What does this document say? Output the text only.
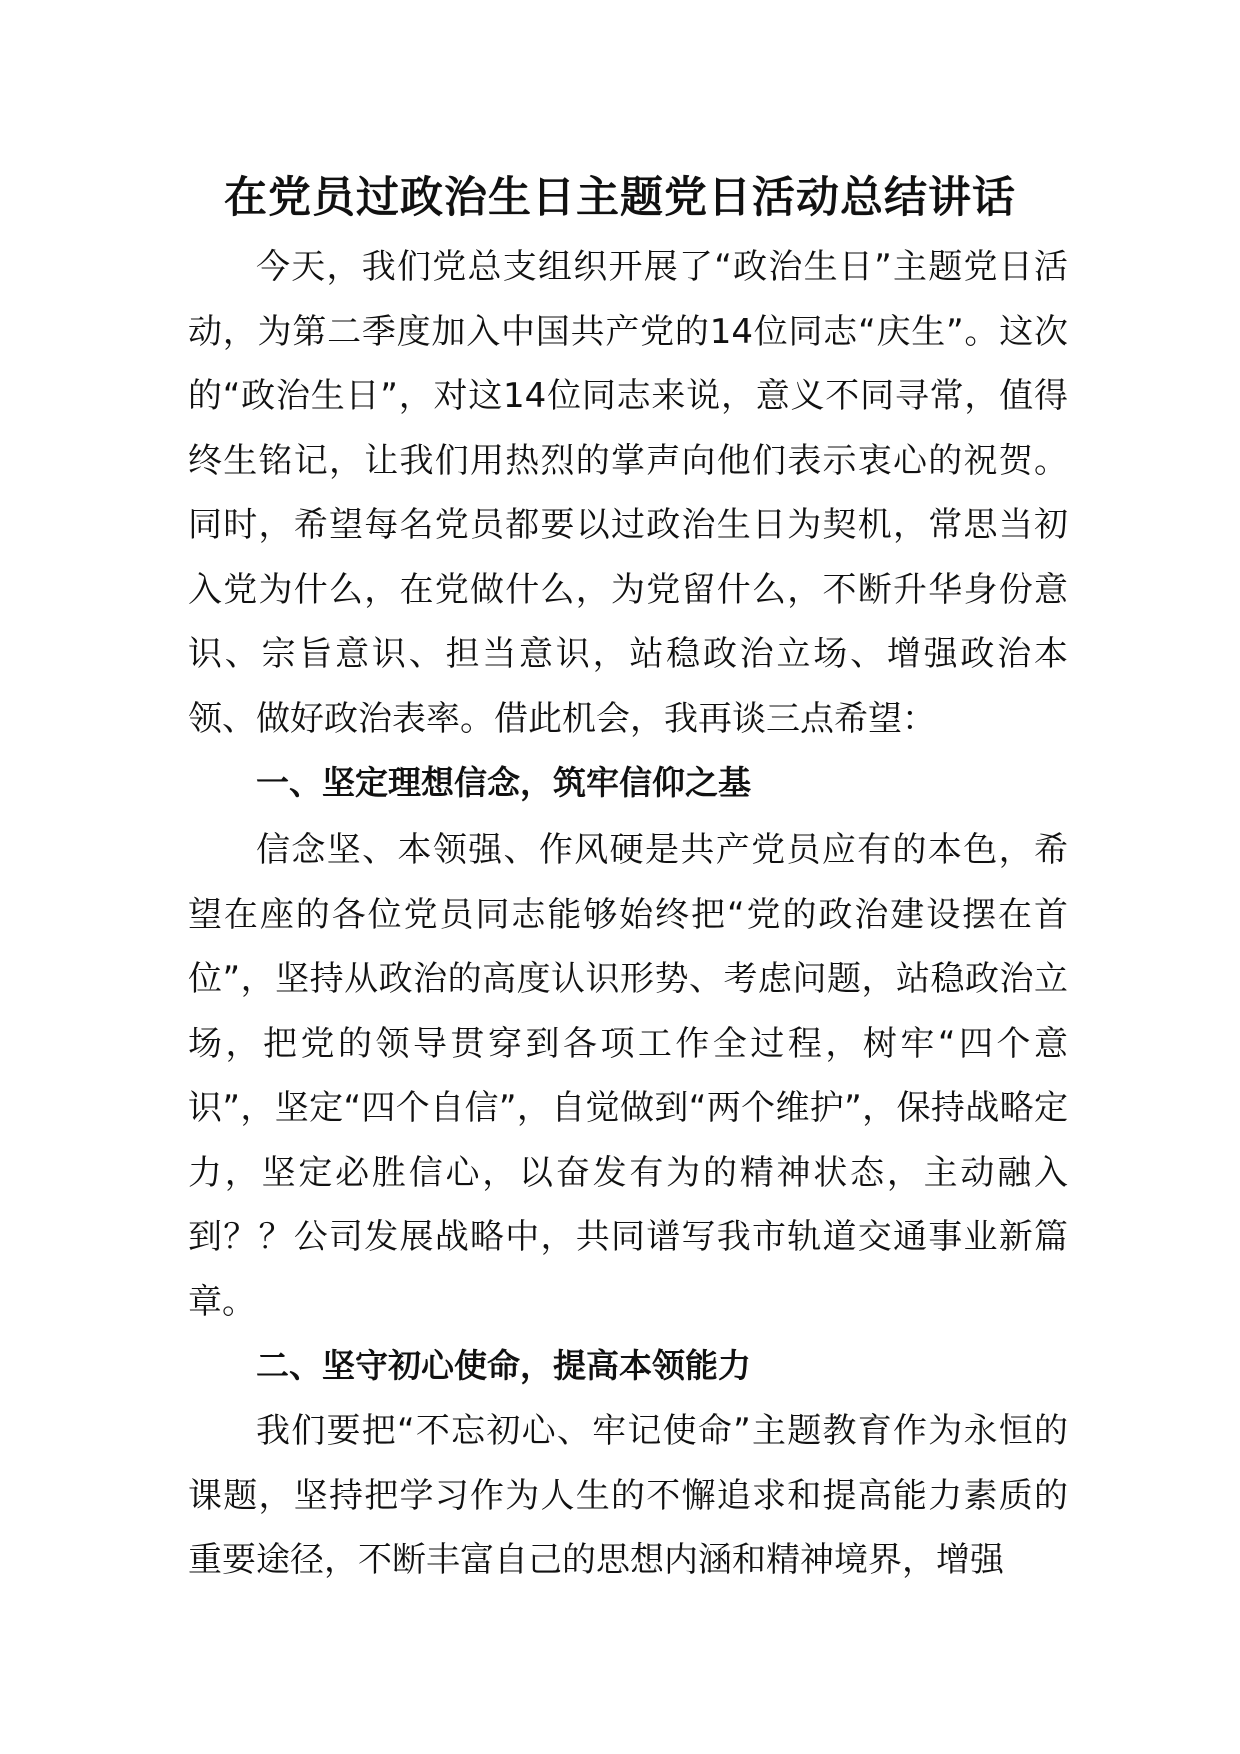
在党员过政治生日主题党日活动总结讲话

今天，我们党总支组织开展了“政治生日”主题党日活动，为第二季度加入中国共产党的14位同志“庆生”。这次的“政治生日”，对这14位同志来说，意义不同寻常，值得终生铭记，让我们用热烈的掌声向他们表示衷心的祝贺。同时，希望每名党员都要以过政治生日为契机，常思当初入党为什么，在党做什么，为党留什么，不断升华身份意识、宗旨意识、担当意识，站稳政治立场、增强政治本领、做好政治表率。借此机会，我再谈三点希望：

一、坚定理想信念，筑牢信仰之基

信念坚、本领强、作风硬是共产党员应有的本色，希望在座的各位党员同志能够始终把“党的政治建设摆在首位”，坚持从政治的高度认识形势、考虑问题，站稳政治立场，把党的领导贯穿到各项工作全过程，树牢“四个意识”，坚定“四个自信”，自觉做到“两个维护”，保持战略定力，坚定必胜信心，以奋发有为的精神状态，主动融入到？？公司发展战略中，共同谱写我市轨道交通事业新篇章。

二、坚守初心使命，提高本领能力

我们要把“不忘初心、牢记使命”主题教育作为永恒的课题，坚持把学习作为人生的不懈追求和提高能力素质的重要途径，不断丰富自己的思想内涵和精神境界，增强
